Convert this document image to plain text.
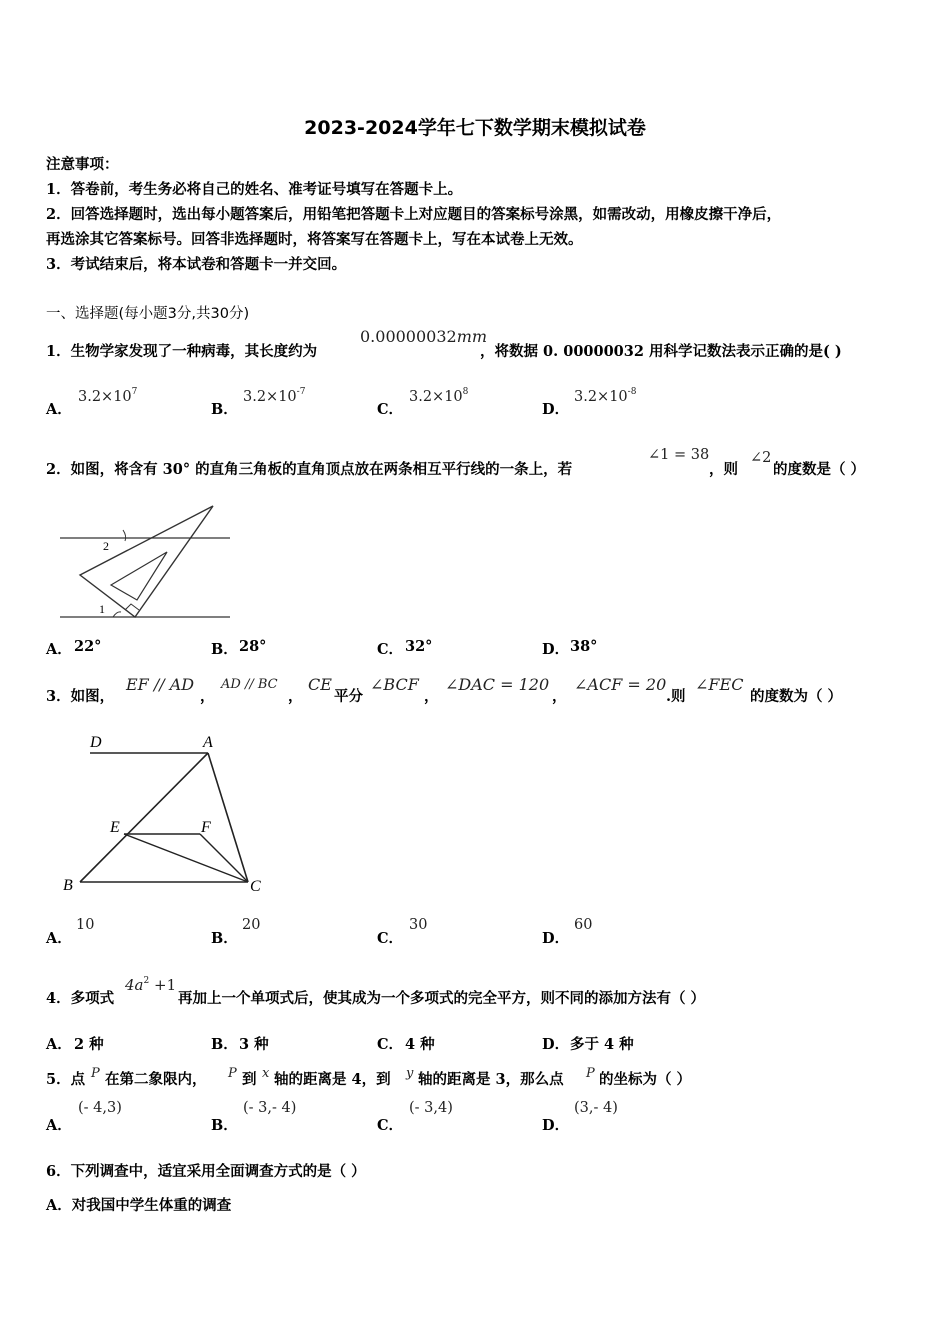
2023-2024学年七下数学期末模拟试卷
注意事项：
1．答卷前，考生务必将自己的姓名、准考证号填写在答题卡上。
2．回答选择题时，选出每小题答案后，用铅笔把答题卡上对应题目的答案标号涂黑，如需改动，用橡皮擦干净后，
再选涂其它答案标号。回答非选择题时，将答案写在答题卡上，写在本试卷上无效。
3．考试结束后，将本试卷和答题卡一并交回。
一、选择题(每小题3分,共30分)
1．生物学家发现了一种病毒，其长度约为
0.00000032mm
，将数据 0. 00000032 用科学记数法表示正确的是( )
A．
$3.2\times 10^7$
B．
$3.2\times 10^{-7}$
C．
$3.2\times 10^8$
D．
$3.2\times 10^{-8}$
2．如图，将含有 30° 的直角三角板的直角顶点放在两条相互平行线的一条上，若
∠1 = 38
，则
∠2
的度数是（ ）
2
1
A． 22°	B． 28°	C． 32°	D． 38°
3．如图，
EF // AD
，
AD // BC
，
CE
平分
∠BCF
，
∠DAC = 120
，
∠ACF = 20
.则
∠FEC
的度数为（ ）
D	A
E	F
B	C
A．
10
B．
20
C．
30
D．
60
4．多项式
$4a^2 +1$
再加上一个单项式后，使其成为一个多项式的完全平方，则不同的添加方法有（ ）
A． 2 种	B． 3 种	C． 4 种	D． 多于 4 种
5．点 P 在第二象限内， P 到 x 轴的距离是 4，到 y 轴的距离是 3，那么点 P 的坐标为（ ）
A．
(- 4,3)
B．
(- 3,- 4)
C．
(- 3,4)
D．
(3,- 4)
6．下列调查中，适宜采用全面调查方式的是（ ）
A．对我国中学生体重的调查
